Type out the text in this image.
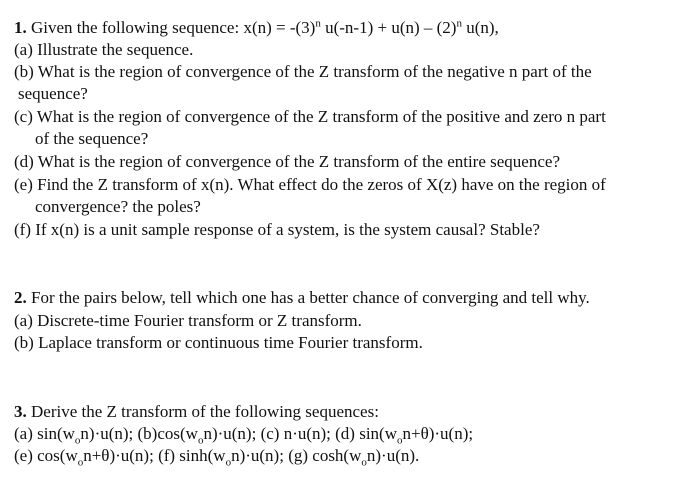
1. Given the following sequence: $x(n) = -(3)^n$ $u(-n-1) + u(n) - (2)^n$ u(n),
(a) Illustrate the sequence.
(b) What is the region of convergence of the Z transform of the negative n part of the
sequence?
(c) What is the region of convergence of the Z transform of the positive and zero n part
of the sequence?
(d) What is the region of convergence of the Z transform of the entire sequence?
(e) Find the Z transform of x(n). What effect do the zeros of X(z) have on the region of
convergence? the poles?
(f) If x(n) is a unit sample response of a system, is the system causal? Stable?
2. For the pairs below, tell which one has a better chance of converging and tell why.
(a) Discrete-time Fourier transform or Z transform.
(b) Laplace transform or continuous time Fourier transform.
3. Derive the Z transform of the following sequences:
(a) $\sin(w_on)\cdot u(n)$; $(b)\cos(w_on)\cdot u(n)$; (c) n·u(n); (d) $\sin(w_on+\theta)\cdot u(n)$;
(e) $\cos(w_on+\theta)\cdot u(n)$; (f) $\sinh(w_on)\cdot u(n)$; (g) $\cosh(w_on)\cdot u(n)$.
